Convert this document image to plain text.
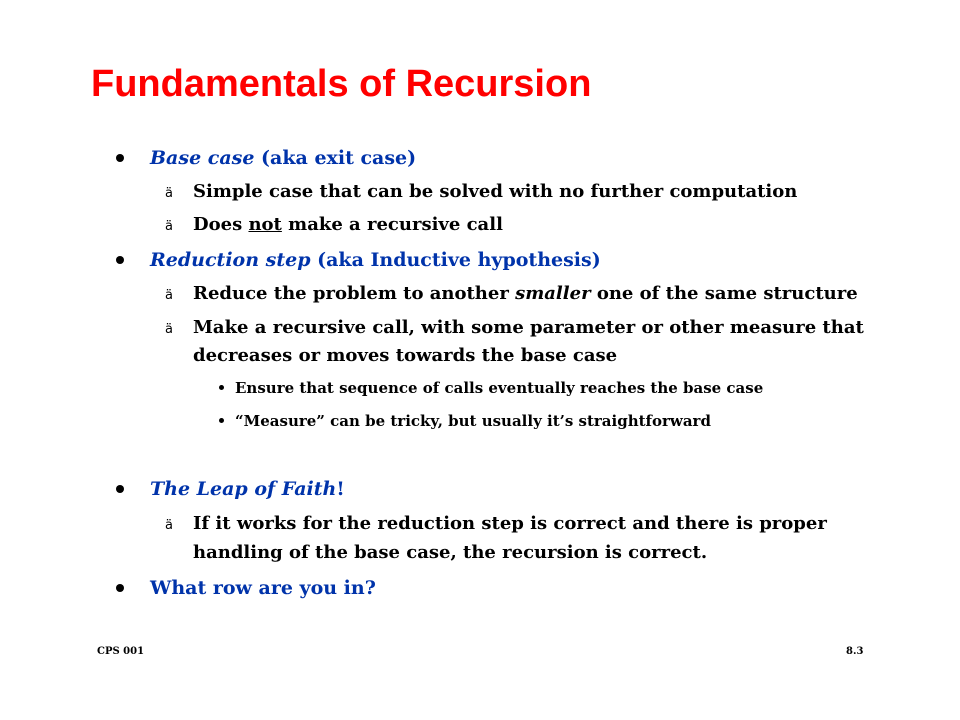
Fundamentals of Recursion

Base case (aka exit case)

ä Simple case that can be solved with no further computation

ä Does not make a recursive call

Reduction step (aka Inductive hypothesis)

ä Reduce the problem to another smaller one of the same structure

ä Make a recursive call, with some parameter or other measure that

decreases or moves towards the base case

Ensure that sequence of calls eventually reaches the base case

“Measure” can be tricky, but usually it’s straightforward

The Leap of Faith!

ä If it works for the reduction step is correct and there is proper

handling of the base case, the recursion is correct.

What row are you in?

CPS 001	8.3
